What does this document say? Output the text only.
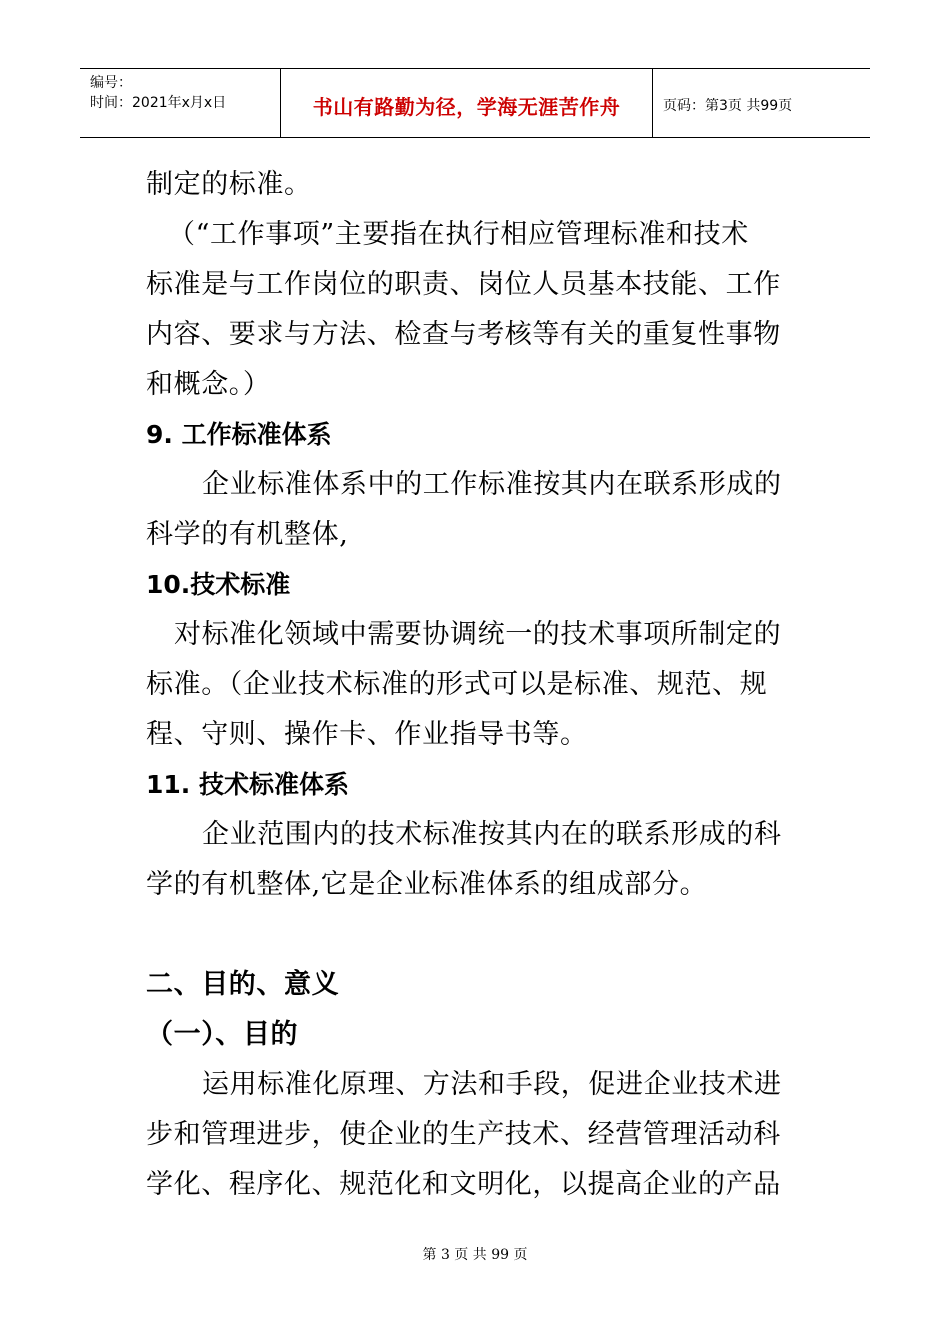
编号：
时间：2021年x月x日	书山有路勤为径，学海无涯苦作舟	页码：第3页 共99页
制定的标准。
（“工作事项”主要指在执行相应管理标准和技术
标准是与工作岗位的职责、岗位人员基本技能、工作
内容、要求与方法、检查与考核等有关的重复性事物
和概念。）
9. 工作标准体系
企业标准体系中的工作标准按其内在联系形成的
科学的有机整体,
10.技术标准
对标准化领域中需要协调统一的技术事项所制定的
标准。（企业技术标准的形式可以是标准、规范、规
程、守则、操作卡、作业指导书等。
11. 技术标准体系
企业范围内的技术标准按其内在的联系形成的科
学的有机整体,它是企业标准体系的组成部分。
二、目的、意义
（一）、目的
运用标准化原理、方法和手段，促进企业技术进
步和管理进步，使企业的生产技术、经营管理活动科
学化、程序化、规范化和文明化，以提高企业的产品
第 3 页 共 99 页
